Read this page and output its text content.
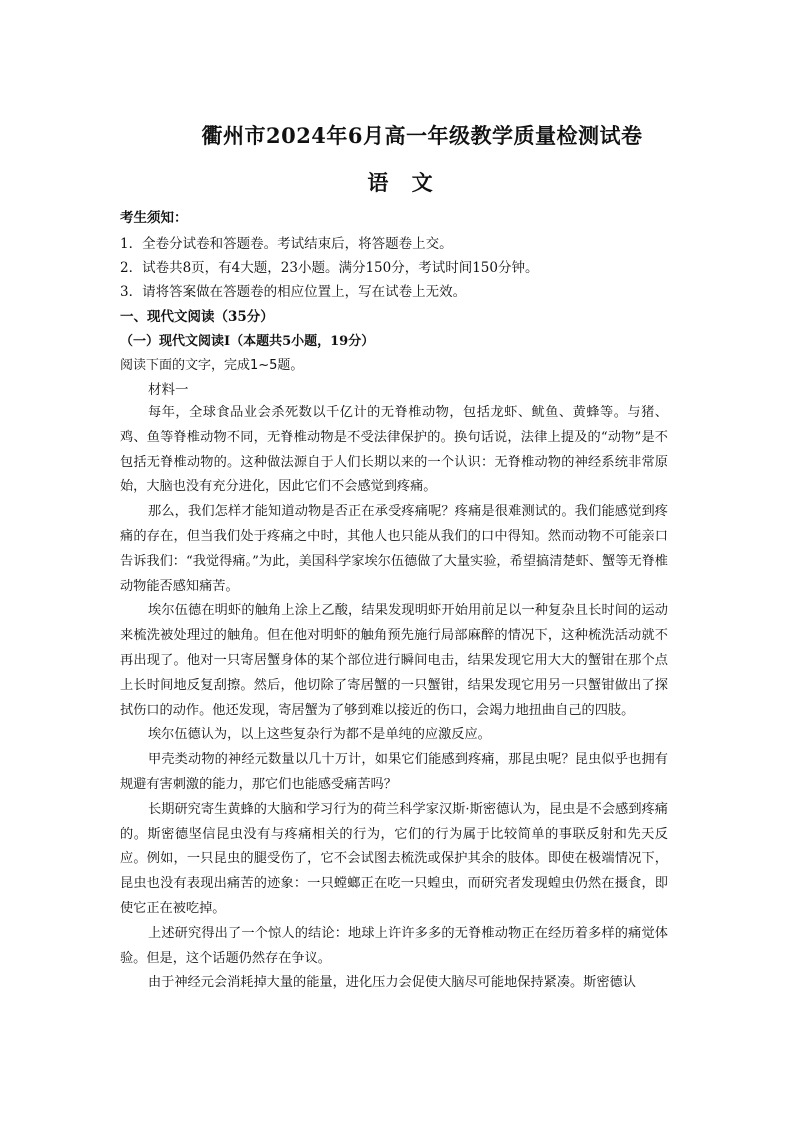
衢州市2024年6月高一年级教学质量检测试卷
语 文
考生须知：
1．全卷分试卷和答题卷。考试结束后，将答题卷上交。
2．试卷共8页，有4大题，23小题。满分150分，考试时间150分钟。
3．请将答案做在答题卷的相应位置上，写在试卷上无效。
一、现代文阅读（35分）
（一）现代文阅读Ⅰ（本题共5小题，19分）
阅读下面的文字，完成1~5题。
材料一

每年，全球食品业会杀死数以千亿计的无脊椎动物，包括龙虾、鱿鱼、黄蜂等。与猪、鸡、鱼等脊椎动物不同，无脊椎动物是不受法律保护的。换句话说，法律上提及的“动物”是不包括无脊椎动物的。这种做法源自于人们长期以来的一个认识：无脊椎动物的神经系统非常原始，大脑也没有充分进化，因此它们不会感觉到疼痛。

那么，我们怎样才能知道动物是否正在承受疼痛呢？疼痛是很难测试的。我们能感觉到疼痛的存在，但当我们处于疼痛之中时，其他人也只能从我们的口中得知。然而动物不可能亲口告诉我们：“我觉得痛。”为此，美国科学家埃尔伍德做了大量实验，希望搞清楚虾、蟹等无脊椎动物能否感知痛苦。

埃尔伍德在明虾的触角上涂上乙酸，结果发现明虾开始用前足以一种复杂且长时间的运动来梳洗被处理过的触角。但在他对明虾的触角预先施行局部麻醉的情况下，这种梳洗活动就不再出现了。他对一只寄居蟹身体的某个部位进行瞬间电击，结果发现它用大大的蟹钳在那个点上长时间地反复刮擦。然后，他切除了寄居蟹的一只蟹钳，结果发现它用另一只蟹钳做出了探拭伤口的动作。他还发现，寄居蟹为了够到难以接近的伤口，会竭力地扭曲自己的四肢。

埃尔伍德认为，以上这些复杂行为都不是单纯的应激反应。

甲壳类动物的神经元数量以几十万计，如果它们能感到疼痛，那昆虫呢？昆虫似乎也拥有规避有害刺激的能力，那它们也能感受痛苦吗？

长期研究寄生黄蜂的大脑和学习行为的荷兰科学家汉斯·斯密德认为，昆虫是不会感到疼痛的。斯密德坚信昆虫没有与疼痛相关的行为，它们的行为属于比较简单的事联反射和先天反应。例如，一只昆虫的腿受伤了，它不会试图去梳洗或保护其余的肢体。即使在极端情况下，昆虫也没有表现出痛苦的迹象：一只螳螂正在吃一只蝗虫，而研究者发现蝗虫仍然在摄食，即使它正在被吃掉。

上述研究得出了一个惊人的结论：地球上许许多多的无脊椎动物正在经历着多样的痛觉体验。但是，这个话题仍然存在争议。

由于神经元会消耗掉大量的能量，进化压力会促使大脑尽可能地保持紧凑。斯密德认
